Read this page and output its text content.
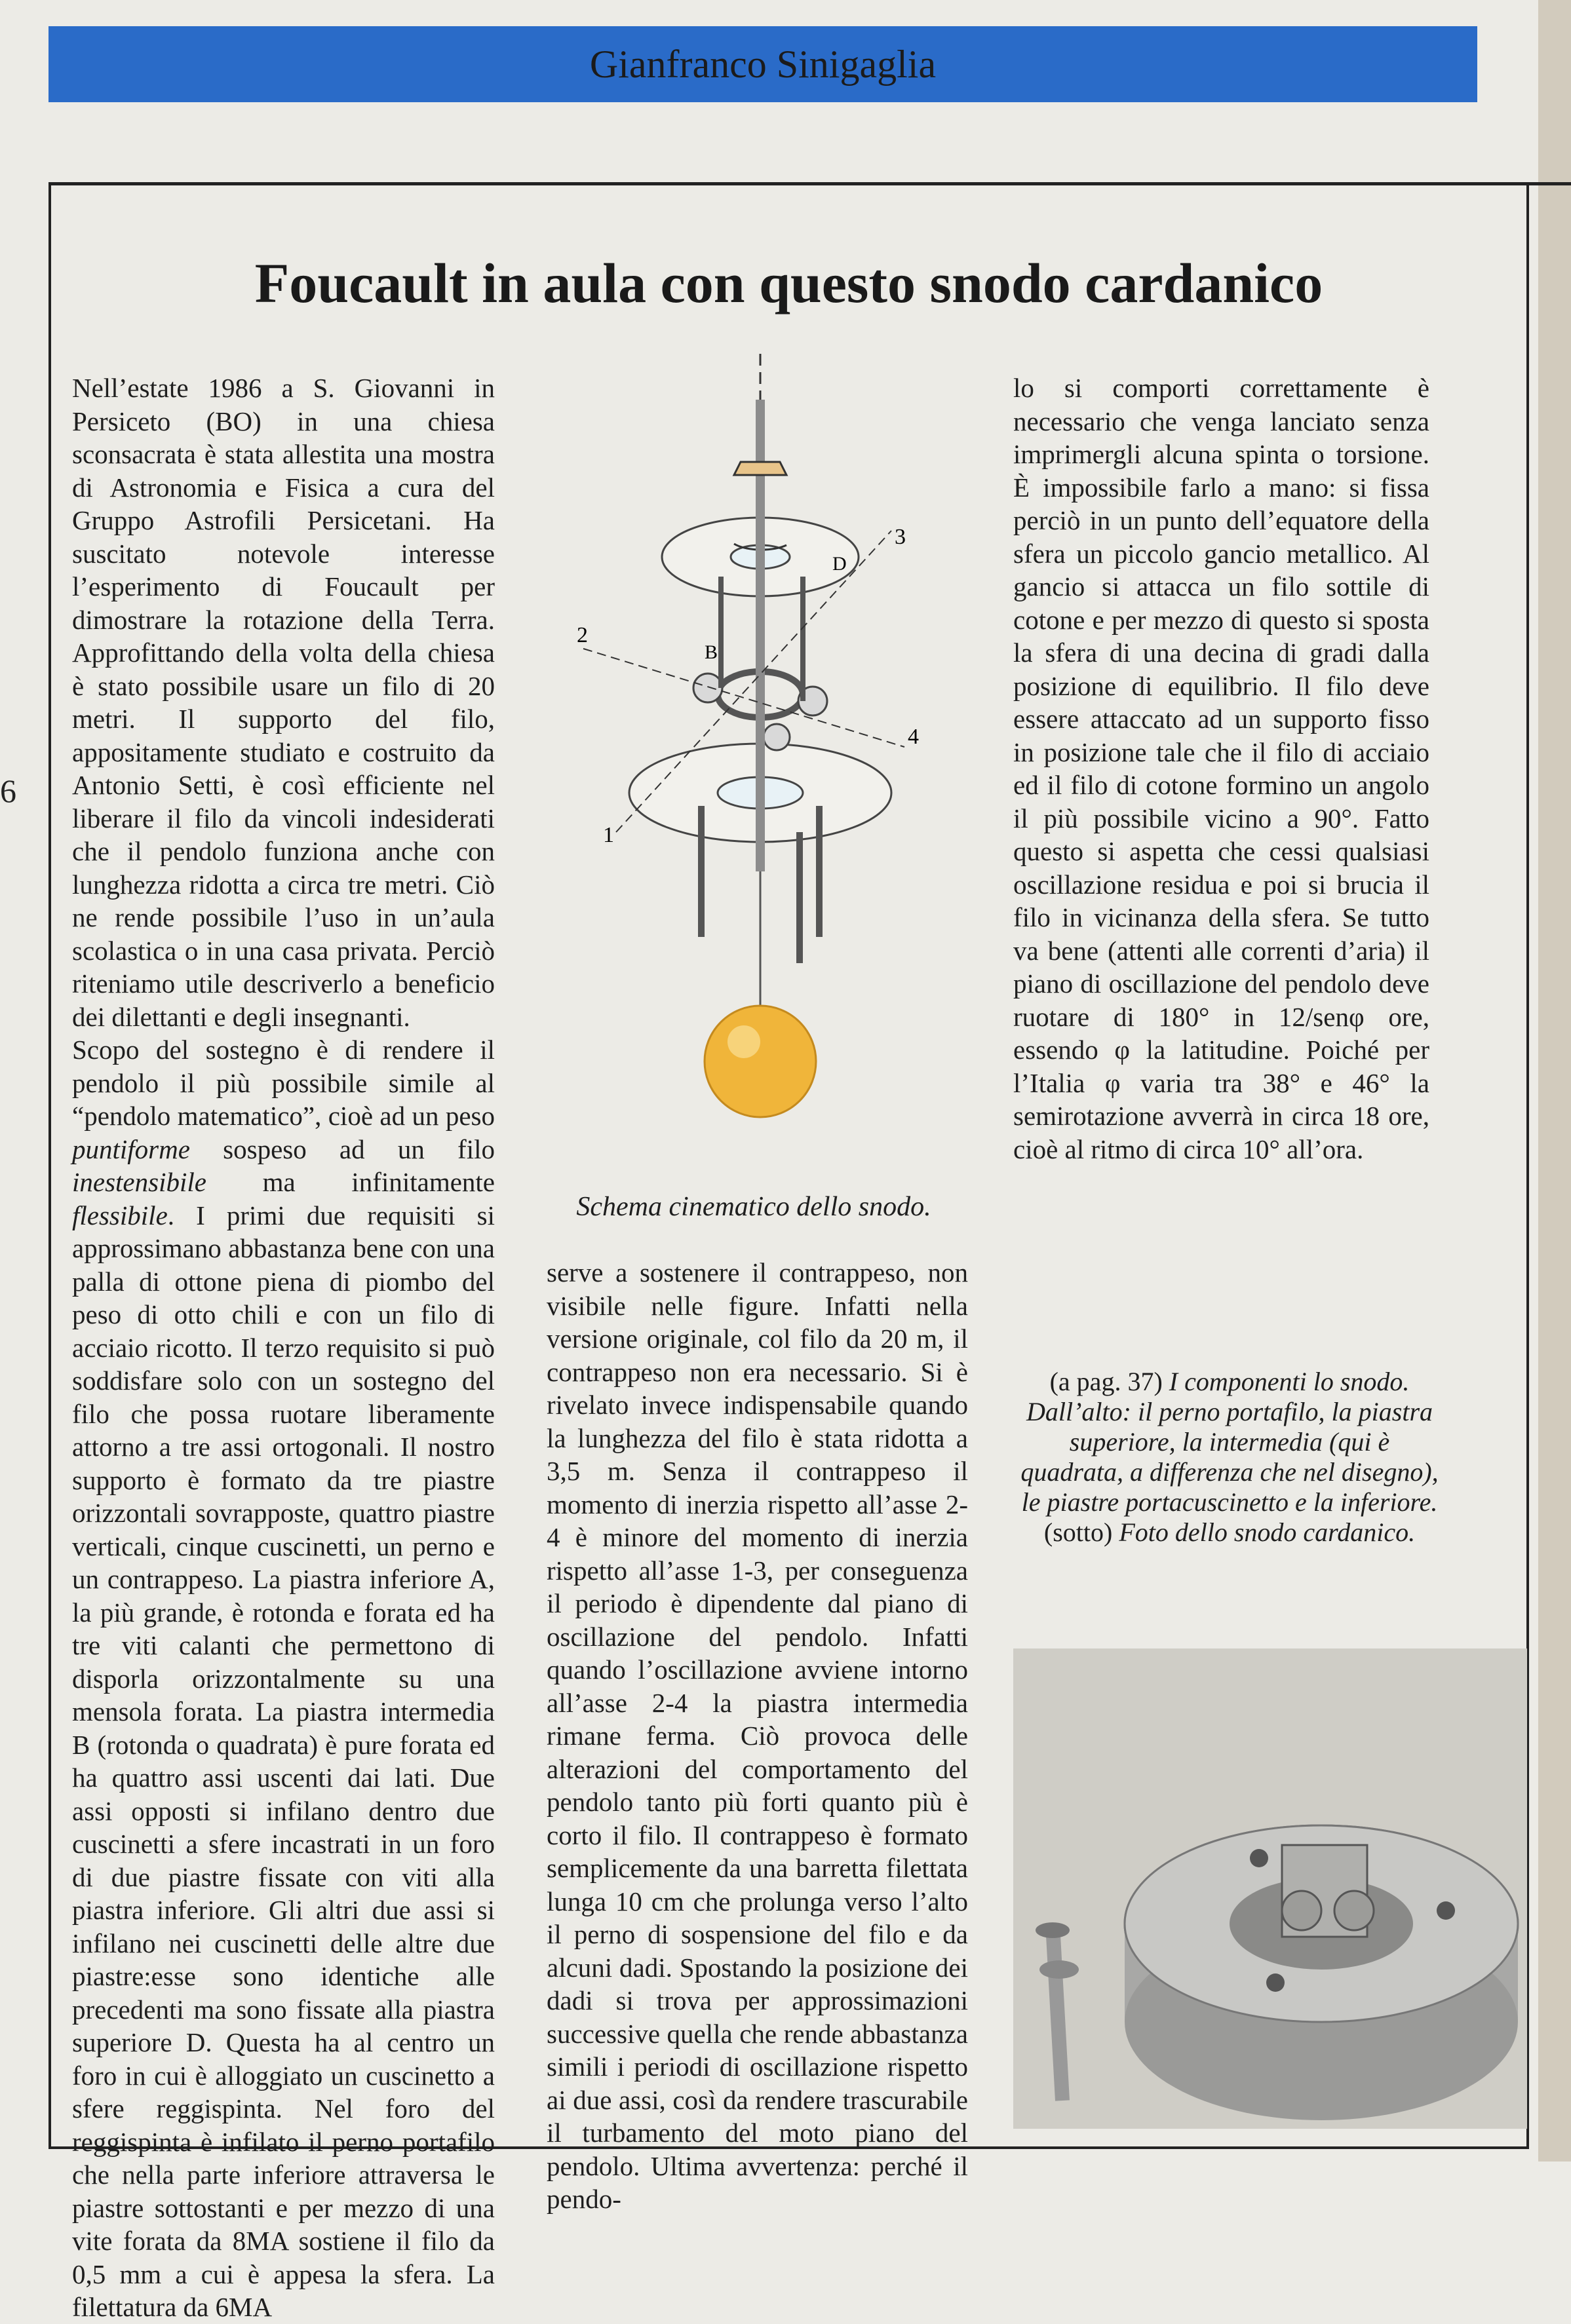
Gianfranco Sinigaglia
6
Foucault in aula con questo snodo cardanico

Nell’estate 1986 a S. Giovanni in Persiceto (BO) in una chiesa sconsacrata è stata allestita una mostra di Astronomia e Fisica a cura del Gruppo Astrofili Persicetani. Ha suscitato notevole interesse l’esperimento di Foucault per dimostrare la rotazione della Terra. Approfittando della volta della chiesa è stato possibile usare un filo di 20 metri. Il supporto del filo, appositamente studiato e costruito da Antonio Setti, è così efficiente nel liberare il filo da vincoli indesiderati che il pendolo funziona anche con lunghezza ridotta a circa tre metri. Ciò ne rende possibile l’uso in un’aula scolastica o in una casa privata. Perciò riteniamo utile descriverlo a beneficio dei dilettanti e degli insegnanti.

Scopo del sostegno è di rendere il pendolo il più possibile simile al “pendolo matematico”, cioè ad un peso puntiforme sospeso ad un filo inestensibile ma infinitamente flessibile. I primi due requisiti si approssimano abbastanza bene con una palla di ottone piena di piombo del peso di otto chili e con un filo di acciaio ricotto. Il terzo requisito si può soddisfare solo con un sostegno del filo che possa ruotare liberamente attorno a tre assi ortogonali. Il nostro supporto è formato da tre piastre orizzontali sovrapposte, quattro piastre verticali, cinque cuscinetti, un perno e un contrappeso. La piastra inferiore A, la più grande, è rotonda e forata ed ha tre viti calanti che permettono di disporla orizzontalmente su una mensola forata. La piastra intermedia B (rotonda o quadrata) è pure forata ed ha quattro assi uscenti dai lati. Due assi opposti si infilano dentro due cuscinetti a sfere incastrati in un foro di due piastre fissate con viti alla piastra inferiore. Gli altri due assi si infilano nei cuscinetti delle altre due piastre:esse sono identiche alle precedenti ma sono fissate alla piastra superiore D. Questa ha al centro un foro in cui è alloggiato un cuscinetto a sfere reggispinta. Nel foro del reggispinta è infilato il perno portafilo che nella parte inferiore attraversa le piastre sottostanti e per mezzo di una vite forata da 8MA sostiene il filo da 0,5 mm a cui è appesa la sfera. La filettatura da 6MA

2
1
3
4
B
D
Schema cinematico dello snodo.

serve a sostenere il contrappeso, non visibile nelle figure. Infatti nella versione originale, col filo da 20 m, il contrappeso non era necessario. Si è rivelato invece indispensabile quando la lunghezza del filo è stata ridotta a 3,5 m. Senza il contrappeso il momento di inerzia rispetto all’asse 2-4 è minore del momento di inerzia rispetto all’asse 1-3, per conseguenza il periodo è dipendente dal piano di oscillazione del pendolo. Infatti quando l’oscillazione avviene intorno all’asse 2-4 la piastra intermedia rimane ferma. Ciò provoca delle alterazioni del comportamento del pendolo tanto più forti quanto più è corto il filo. Il contrappeso è formato semplicemente da una barretta filettata lunga 10 cm che prolunga verso l’alto il perno di sospensione del filo e da alcuni dadi. Spostando la posizione dei dadi si trova per approssimazioni successive quella che rende abbastanza simili i periodi di oscillazione rispetto ai due assi, così da rendere trascurabile il turbamento del moto piano del pendolo. Ultima avvertenza: perché il pendo-

lo si comporti correttamente è necessario che venga lanciato senza imprimergli alcuna spinta o torsione. È impossibile farlo a mano: si fissa perciò in un punto dell’equatore della sfera un piccolo gancio metallico. Al gancio si attacca un filo sottile di cotone e per mezzo di questo si sposta la sfera di una decina di gradi dalla posizione di equilibrio. Il filo deve essere attaccato ad un supporto fisso in posizione tale che il filo di acciaio ed il filo di cotone formino un angolo il più possibile vicino a 90°. Fatto questo si aspetta che cessi qualsiasi oscillazione residua e poi si brucia il filo in vicinanza della sfera. Se tutto va bene (attenti alle correnti d’aria) il piano di oscillazione del pendolo deve ruotare di 180° in 12/senφ ore, essendo φ la latitudine. Poiché per l’Italia φ varia tra 38° e 46° la semirotazione avverrà in circa 18 ore, cioè al ritmo di circa 10° all’ora.

(a pag. 37) I componenti lo snodo. Dall’alto: il perno portafilo, la piastra superiore, la intermedia (qui è quadrata, a differenza che nel disegno), le piastre portacuscinetto e la inferiore.
(sotto) Foto dello snodo cardanico.
